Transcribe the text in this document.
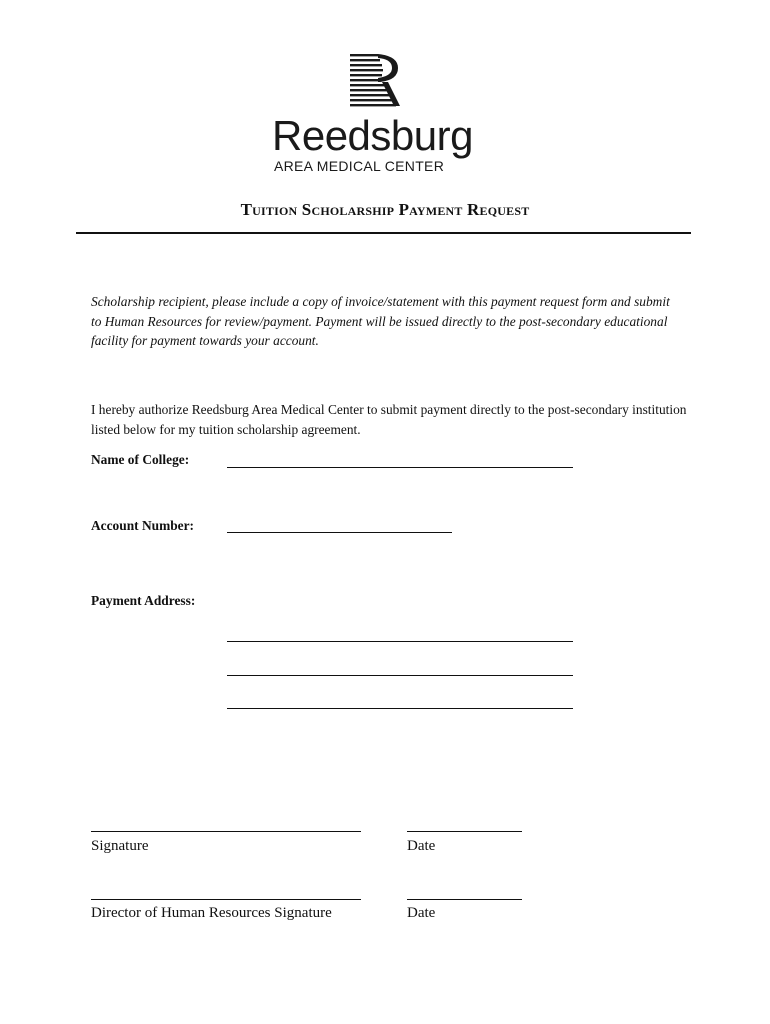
Reedsburg
AREA MEDICAL CENTER
Tuition Scholarship Payment Request
Scholarship recipient, please include a copy of invoice/statement with this payment request form and submit to Human Resources for review/payment. Payment will be issued directly to the post-secondary educational facility for payment towards your account.
I hereby authorize Reedsburg Area Medical Center to submit payment directly to the post-secondary institution listed below for my tuition scholarship agreement.
Name of College:
Account Number:
Payment Address:
Signature	Date
Director of Human Resources Signature	Date
